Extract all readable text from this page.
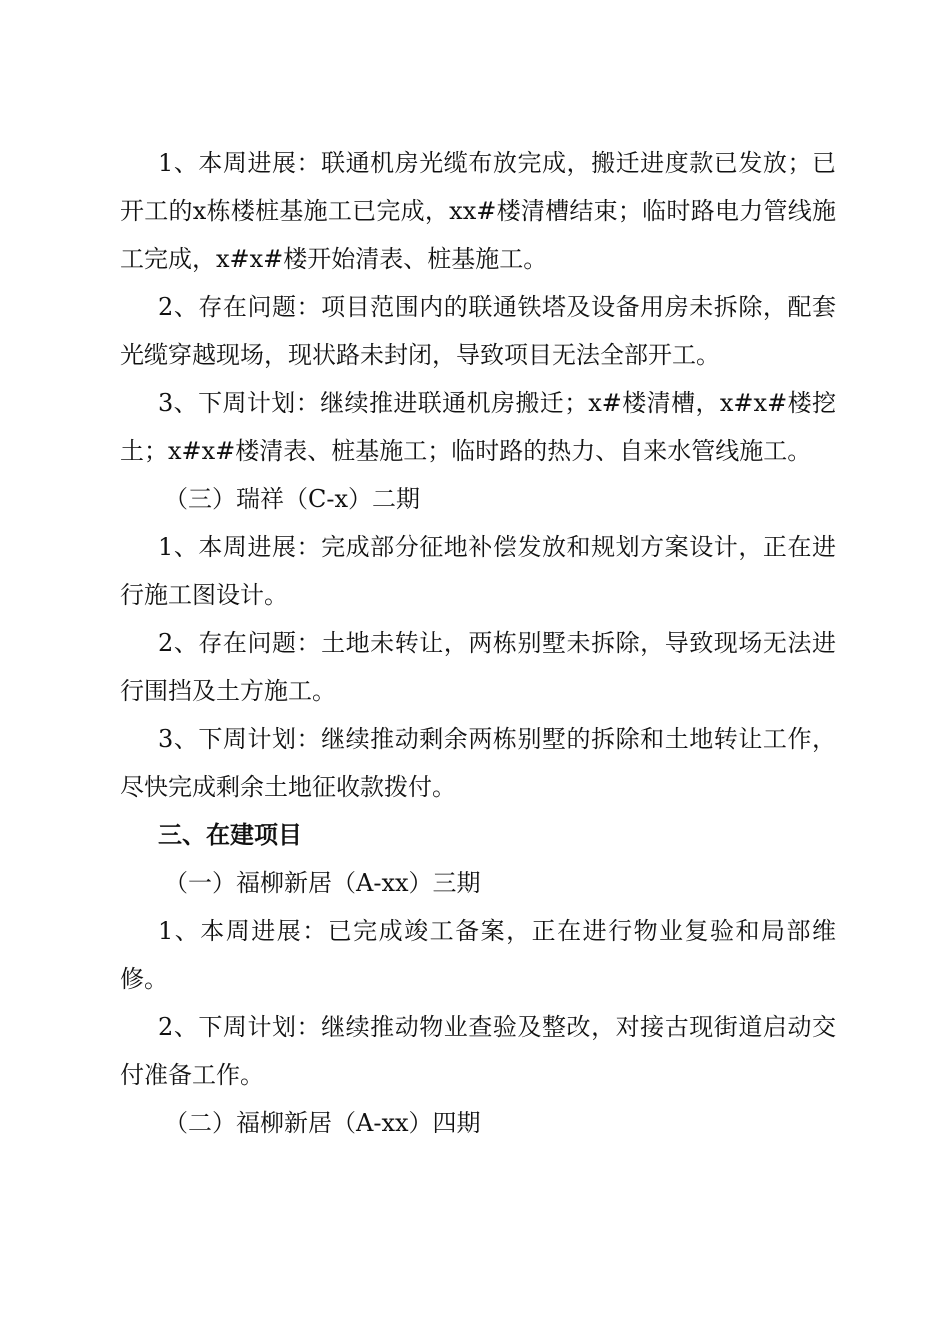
1、本周进展：联通机房光缆布放完成，搬迁进度款已发放；已开工的x栋楼桩基施工已完成，xx#楼清槽结束；临时路电力管线施工完成，x#x#楼开始清表、桩基施工。

2、存在问题：项目范围内的联通铁塔及设备用房未拆除，配套光缆穿越现场，现状路未封闭，导致项目无法全部开工。

3、下周计划：继续推进联通机房搬迁；x#楼清槽，x#x#楼挖土；x#x#楼清表、桩基施工；临时路的热力、自来水管线施工。

（三）瑞祥（C-x）二期

1、本周进展：完成部分征地补偿发放和规划方案设计，正在进行施工图设计。

2、存在问题：土地未转让，两栋别墅未拆除，导致现场无法进行围挡及土方施工。

3、下周计划：继续推动剩余两栋别墅的拆除和土地转让工作，尽快完成剩余土地征收款拨付。

三、在建项目

（一）福柳新居（A-xx）三期

1、本周进展：已完成竣工备案，正在进行物业复验和局部维修。

2、下周计划：继续推动物业查验及整改，对接古现街道启动交付准备工作。

（二）福柳新居（A-xx）四期
